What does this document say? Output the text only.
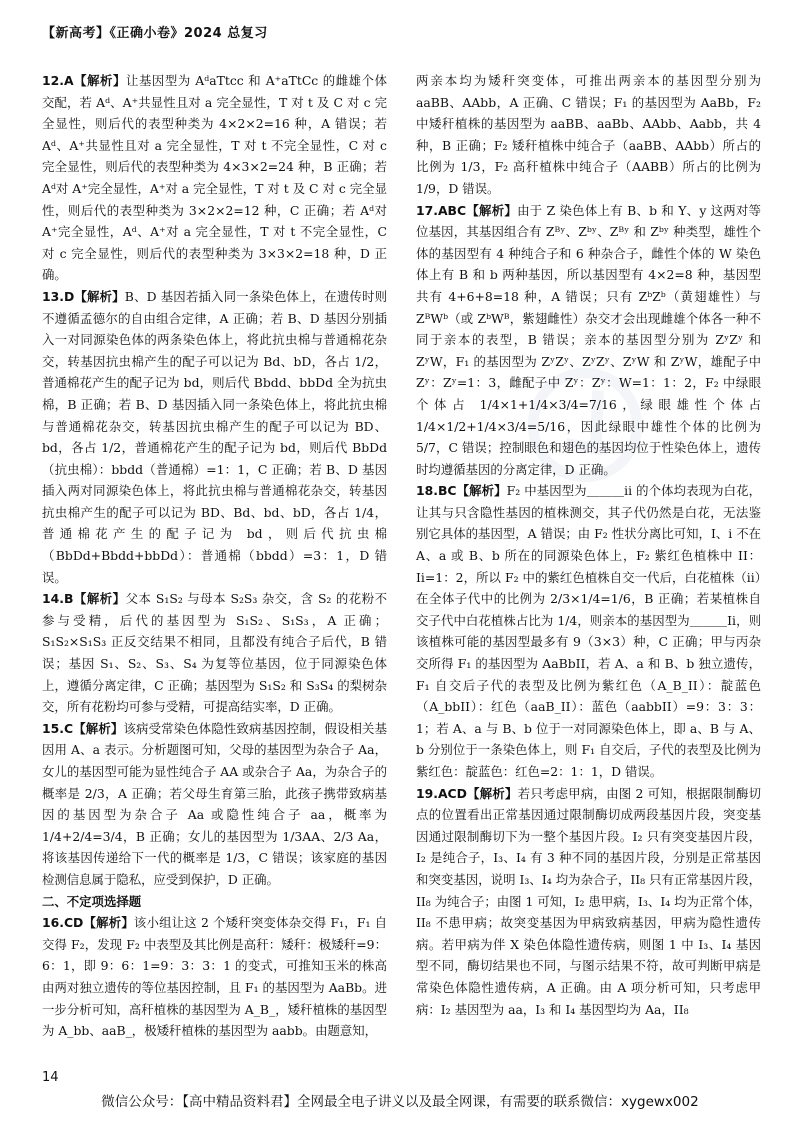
【新高考】《正确小卷》2024 总复习

12.A【解析】让基因型为 AᵈaTtcc 和 A⁺aTtCc 的雌雄个体交配，若 Aᵈ、A⁺共显性且对 a 完全显性，T 对 t 及 C 对 c 完全显性，则后代的表型种类为 4×2×2=16 种，A 错误；若 Aᵈ、A⁺共显性且对 a 完全显性，T 对 t 不完全显性，C 对 c 完全显性，则后代的表型种类为 4×3×2=24 种，B 正确；若 Aᵈ对 A⁺完全显性，A⁺对 a 完全显性，T 对 t 及 C 对 c 完全显性，则后代的表型种类为 3×2×2=12 种，C 正确；若 Aᵈ对 A⁺完全显性，Aᵈ、A⁺对 a 完全显性，T 对 t 不完全显性，C 对 c 完全显性，则后代的表型种类为 3×3×2=18 种，D 正确。

13.D【解析】B、D 基因若插入同一条染色体上，在遗传时则不遵循孟德尔的自由组合定律，A 正确；若 B、D 基因分别插入一对同源染色体的两条染色体上，将此抗虫棉与普通棉花杂交，转基因抗虫棉产生的配子可以记为 Bd、bD，各占 1/2，普通棉花产生的配子记为 bd，则后代 Bbdd、bbDd 全为抗虫棉，B 正确；若 B、D 基因插入同一条染色体上，将此抗虫棉与普通棉花杂交，转基因抗虫棉产生的配子可以记为 BD、bd，各占 1/2，普通棉花产生的配子记为 bd，则后代 BbDd（抗虫棉）：bbdd（普通棉）=1：1，C 正确；若 B、D 基因插入两对同源染色体上，将此抗虫棉与普通棉花杂交，转基因抗虫棉产生的配子可以记为 BD、Bd、bd、bD，各占 1/4，普通棉花产生的配子记为 bd，则后代抗虫棉（BbDd+Bbdd+bbDd）：普通棉（bbdd）=3：1，D 错误。

14.B【解析】父本 S₁S₂ 与母本 S₂S₃ 杂交，含 S₂ 的花粉不参与受精，后代的基因型为 S₁S₂、S₁S₃，A 正确；S₁S₂×S₁S₃ 正反交结果不相同，且都没有纯合子后代，B 错误；基因 S₁、S₂、S₃、S₄ 为复等位基因，位于同源染色体上，遵循分离定律，C 正确；基因型为 S₁S₂ 和 S₃S₄ 的梨树杂交，所有花粉均可参与受精，可提高结实率，D 正确。

15.C【解析】该病受常染色体隐性致病基因控制，假设相关基因用 A、a 表示。分析题图可知，父母的基因型为杂合子 Aa，女儿的基因型可能为显性纯合子 AA 或杂合子 Aa，为杂合子的概率是 2/3，A 正确；若父母生育第三胎，此孩子携带致病基因的基因型为杂合子 Aa 或隐性纯合子 aa，概率为 1/4+2/4=3/4，B 正确；女儿的基因型为 1/3AA、2/3 Aa，将该基因传递给下一代的概率是 1/3，C 错误；该家庭的基因检测信息属于隐私，应受到保护，D 正确。

二、不定项选择题

16.CD【解析】该小组让这 2 个矮秆突变体杂交得 F₁，F₁ 自交得 F₂，发现 F₂ 中表型及其比例是高秆：矮秆：极矮秆=9：6：1，即 9：6：1=9：3：3：1 的变式，可推知玉米的株高由两对独立遗传的等位基因控制，且 F₁ 的基因型为 AaBb。进一步分析可知，高秆植株的基因型为 A_B_，矮秆植株的基因型为 A_bb、aaB_，极矮秆植株的基因型为 aabb。由题意知，

两亲本均为矮秆突变体，可推出两亲本的基因型分别为 aaBB、AAbb，A 正确、C 错误；F₁ 的基因型为 AaBb，F₂ 中矮秆植株的基因型为 aaBB、aaBb、AAbb、Aabb，共 4 种，B 正确；F₂ 矮秆植株中纯合子（aaBB、AAbb）所占的比例为 1/3，F₂ 高秆植株中纯合子（AABB）所占的比例为 1/9，D 错误。

17.ABC【解析】由于 Z 染色体上有 B、b 和 Y、y 这两对等位基因，其基因组合有 Zᴮʸ、Zᵇʸ、Zᴮʸ 和 Zᵇʸ 种类型，雄性个体的基因型有 4 种纯合子和 6 种杂合子，雌性个体的 W 染色体上有 B 和 b 两种基因，所以基因型有 4×2=8 种，基因型共有 4+6+8=18 种，A 错误；只有 ZᵇZᵇ（黄翅雄性）与 ZᴮWᵇ（或 ZᵇWᴮ，紫翅雌性）杂交才会出现雌雄个体各一种不同于亲本的表型，B 错误；亲本的基因型分别为 ZʸZʸ 和 ZʸW，F₁ 的基因型为 ZʸZʸ、ZʸZʸ、ZʸW 和 ZʸW，雄配子中 Zʸ：Zʸ=1：3，雌配子中 Zʸ：Zʸ：W=1：1：2，F₂ 中绿眼个体占 1/4×1+1/4×3/4=7/16，绿眼雄性个体占 1/4×1/2+1/4×3/4=5/16，因此绿眼中雄性个体的比例为 5/7，C 错误；控制眼色和翅色的基因均位于性染色体上，遗传时均遵循基因的分离定律，D 正确。

18.BC【解析】F₂ 中基因型为＿＿＿ii 的个体均表现为白花，让其与只含隐性基因的植株测交，其子代仍然是白花，无法鉴别它具体的基因型，A 错误；由 F₂ 性状分离比可知，I、i 不在 A、a 或 B、b 所在的同源染色体上，F₂ 紫红色植株中 II：Ii=1：2，所以 F₂ 中的紫红色植株自交一代后，白花植株（ii）在全体子代中的比例为 2/3×1/4=1/6，B 正确；若某植株自交子代中白花植株占比为 1/4，则亲本的基因型为＿＿＿Ii，则该植株可能的基因型最多有 9（3×3）种，C 正确；甲与丙杂交所得 F₁ 的基因型为 AaBbII，若 A、a 和 B、b 独立遗传，F₁ 自交后子代的表型及比例为紫红色（A_B_II）：靛蓝色（A_bbII）：红色（aaB_II）：蓝色（aabbII）=9：3：3：1；若 A、a 与 B、b 位于一对同源染色体上，即 a、B 与 A、b 分别位于一条染色体上，则 F₁ 自交后，子代的表型及比例为紫红色：靛蓝色：红色=2：1：1，D 错误。

19.ACD【解析】若只考虑甲病，由图 2 可知，根据限制酶切点的位置看出正常基因通过限制酶切成两段基因片段，突变基因通过限制酶切下为一整个基因片段。I₂ 只有突变基因片段，I₂ 是纯合子，I₃、I₄ 有 3 种不同的基因片段，分别是正常基因和突变基因，说明 I₃、I₄ 均为杂合子，II₈ 只有正常基因片段，II₈ 为纯合子；由图 1 可知，I₂ 患甲病，I₃、I₄ 均为正常个体，II₈ 不患甲病；故突变基因为甲病致病基因，甲病为隐性遗传病。若甲病为伴 X 染色体隐性遗传病，则图 1 中 I₃、I₄ 基因型不同，酶切结果也不同，与图示结果不符，故可判断甲病是常染色体隐性遗传病，A 正确。由 A 项分析可知，只考虑甲病：I₂ 基因型为 aa，I₃ 和 I₄ 基因型均为 Aa，II₈

14
微信公众号：【高中精品资料君】全网最全电子讲义以及最全网课，有需要的联系微信：xygewx002
